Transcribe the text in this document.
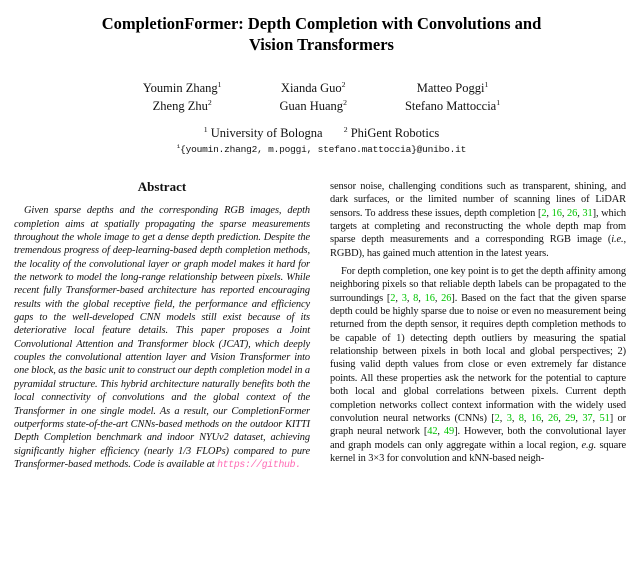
CompletionFormer: Depth Completion with Convolutions and
Vision Transformers
Youmin Zhang$^1$	Xianda Guo$^2$	Matteo Poggi$^1$
Zheng Zhu$^2$	Guan Huang$^2$	Stefano Mattoccia$^1$
$^1$ University of Bologna	$^2$ PhiGent Robotics
$^1${youmin.zhang2, m.poggi, stefano.mattoccia}@unibo.it
Abstract

Given sparse depths and the corresponding RGB images, depth completion aims at spatially propagating the sparse measurements throughout the whole image to get a dense depth prediction. Despite the tremendous progress of deep-learning-based depth completion methods, the locality of the convolutional layer or graph model makes it hard for the network to model the long-range relationship between pixels. While recent fully Transformer-based architecture has reported encouraging results with the global receptive field, the performance and efficiency gaps to the well-developed CNN models still exist because of its deteriorative local feature details. This paper proposes a Joint Convolutional Attention and Transformer block (JCAT), which deeply couples the convolutional attention layer and Vision Transformer into one block, as the basic unit to construct our depth completion model in a pyramidal structure. This hybrid architecture naturally benefits both the local connectivity of convolutions and the global context of the Transformer in one single model. As a result, our CompletionFormer outperforms state-of-the-art CNNs-based methods on the outdoor KITTI Depth Completion benchmark and indoor NYUv2 dataset, achieving significantly higher efficiency (nearly 1/3 FLOPs) compared to pure Transformer-based methods. Code is available at https://github.

sensor noise, challenging conditions such as transparent, shining, and dark surfaces, or the limited number of scanning lines of LiDAR sensors. To address these issues, depth completion [2, 16, 26, 31], which targets at completing and reconstructing the whole depth map from sparse depth measurements and a corresponding RGB image (i.e., RGBD), has gained much attention in the latest years.

For depth completion, one key point is to get the depth affinity among neighboring pixels so that reliable depth labels can be propagated to the surroundings [2, 3, 8, 16, 26]. Based on the fact that the given sparse depth could be highly sparse due to noise or even no measurement being returned from the depth sensor, it requires depth completion methods to be capable of 1) detecting depth outliers by measuring the spatial relationship between pixels in both local and global perspectives; 2) fusing valid depth values from close or even extremely far distance points. All these properties ask the network for the potential to capture both local and global correlations between pixels. Current depth completion networks collect context information with the widely used convolution neural networks (CNNs) [2, 3, 8, 16, 26, 29, 37, 51] or graph neural network [42, 49]. However, both the convolutional layer and graph models can only aggregate within a local region, e.g. square kernel in 3×3 for convolution and kNN-based neigh-
